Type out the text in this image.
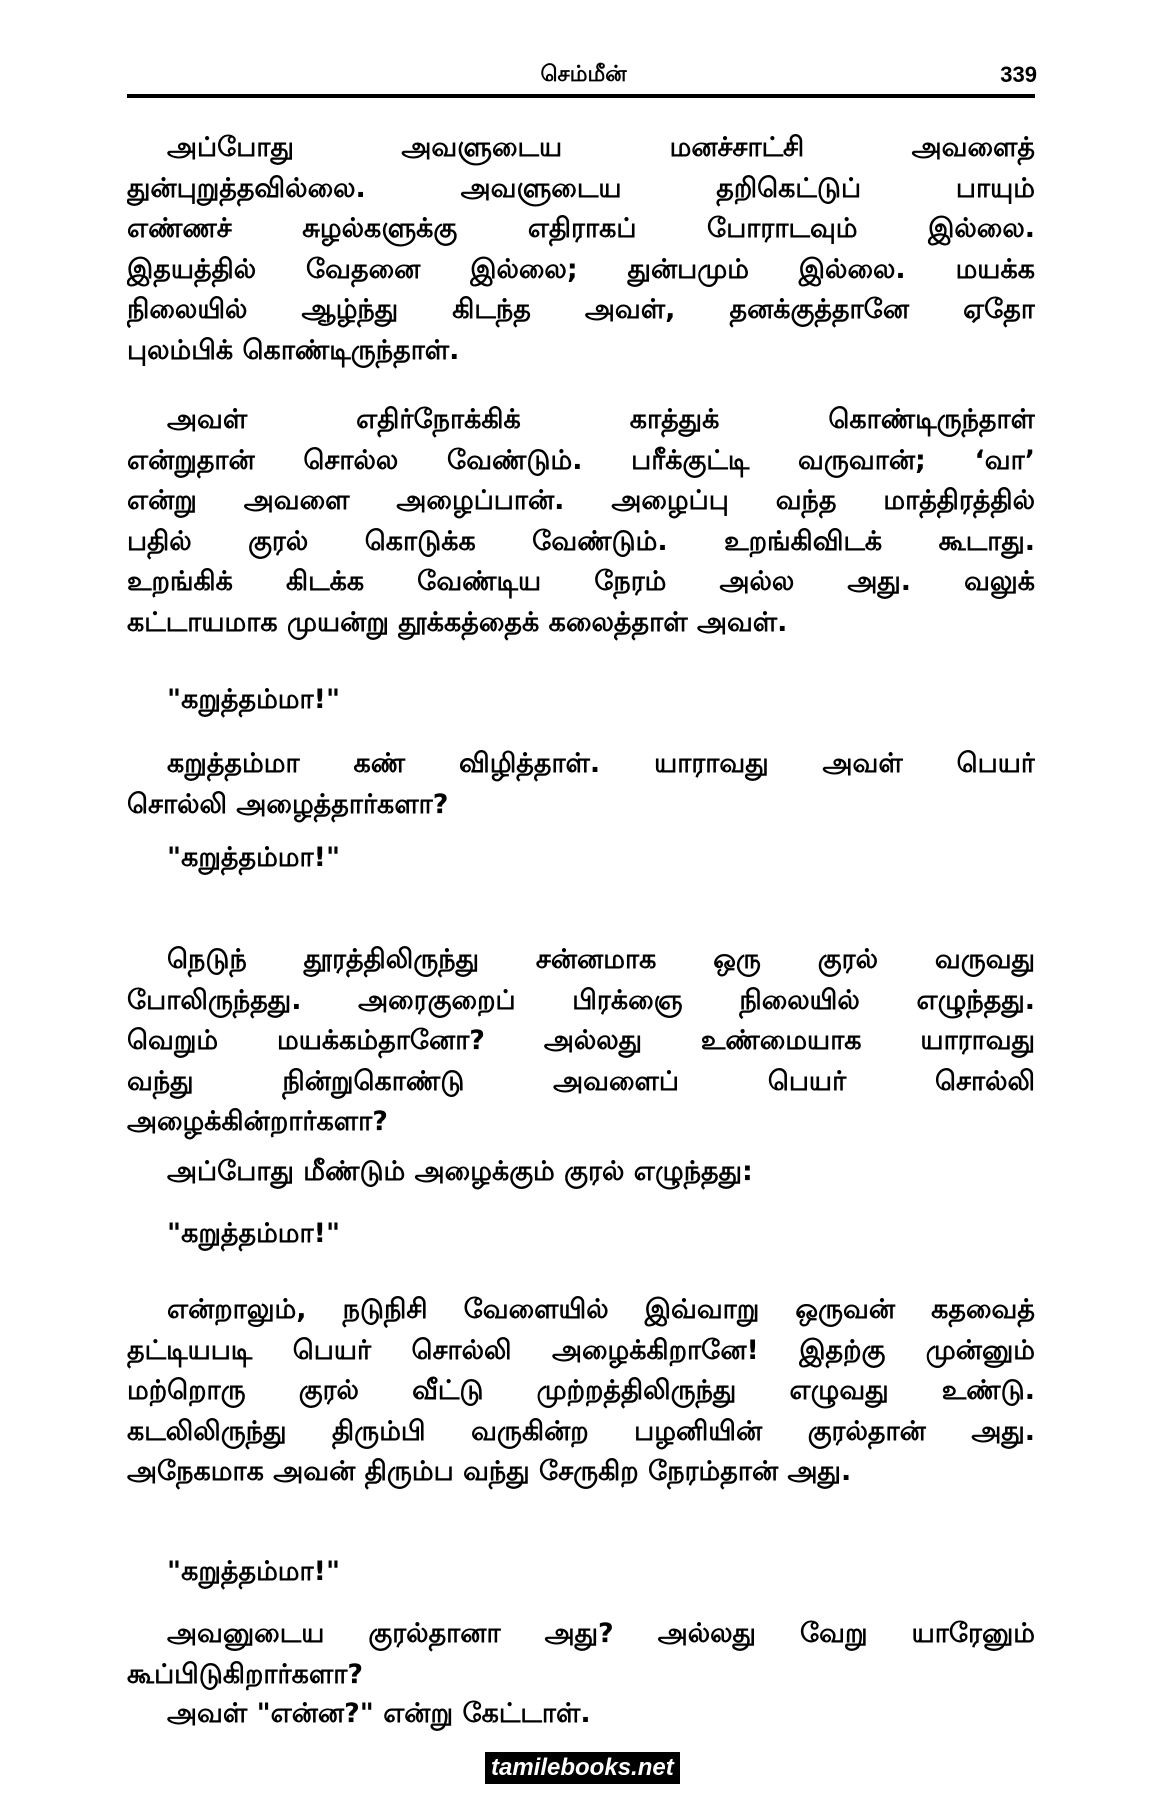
செம்மீன்	339
அப்போது அவளுடைய மனச்சாட்சி அவளைத்
துன்புறுத்தவில்லை. அவளுடைய தறிகெட்டுப் பாயும்
எண்ணச் சுழல்களுக்கு எதிராகப் போராடவும் இல்லை.
இதயத்தில் வேதனை இல்லை; துன்பமும் இல்லை. மயக்க
நிலையில் ஆழ்ந்து கிடந்த அவள், தனக்குத்தானே ஏதோ
புலம்பிக் கொண்டிருந்தாள்.
அவள் எதிர்நோக்கிக் காத்துக் கொண்டிருந்தாள்
என்றுதான் சொல்ல வேண்டும். பரீக்குட்டி வருவான்; ‘வா’
என்று அவளை அழைப்பான். அழைப்பு வந்த மாத்திரத்தில்
பதில் குரல் கொடுக்க வேண்டும். உறங்கிவிடக் கூடாது.
உறங்கிக் கிடக்க வேண்டிய நேரம் அல்ல அது. வலுக்
கட்டாயமாக முயன்று தூக்கத்தைக் கலைத்தாள் அவள்.
"கறுத்தம்மா!"
கறுத்தம்மா கண் விழித்தாள். யாராவது அவள் பெயர்
சொல்லி அழைத்தார்களா?
"கறுத்தம்மா!"
நெடுந் தூரத்திலிருந்து சன்னமாக ஒரு குரல் வருவது
போலிருந்தது. அரைகுறைப் பிரக்ஞை நிலையில் எழுந்தது.
வெறும் மயக்கம்தானோ? அல்லது உண்மையாக யாராவது
வந்து நின்றுகொண்டு அவளைப் பெயர் சொல்லி
அழைக்கின்றார்களா?
அப்போது மீண்டும் அழைக்கும் குரல் எழுந்தது:
"கறுத்தம்மா!"
என்றாலும், நடுநிசி வேளையில் இவ்வாறு ஒருவன் கதவைத்
தட்டியபடி பெயர் சொல்லி அழைக்கிறானே! இதற்கு முன்னும்
மற்றொரு குரல் வீட்டு முற்றத்திலிருந்து எழுவது உண்டு.
கடலிலிருந்து திரும்பி வருகின்ற பழனியின் குரல்தான் அது.
அநேகமாக அவன் திரும்ப வந்து சேருகிற நேரம்தான் அது.
"கறுத்தம்மா!"
அவனுடைய குரல்தானா அது? அல்லது வேறு யாரேனும்
கூப்பிடுகிறார்களா?
அவள் "என்ன?" என்று கேட்டாள்.
tamilebooks.net
